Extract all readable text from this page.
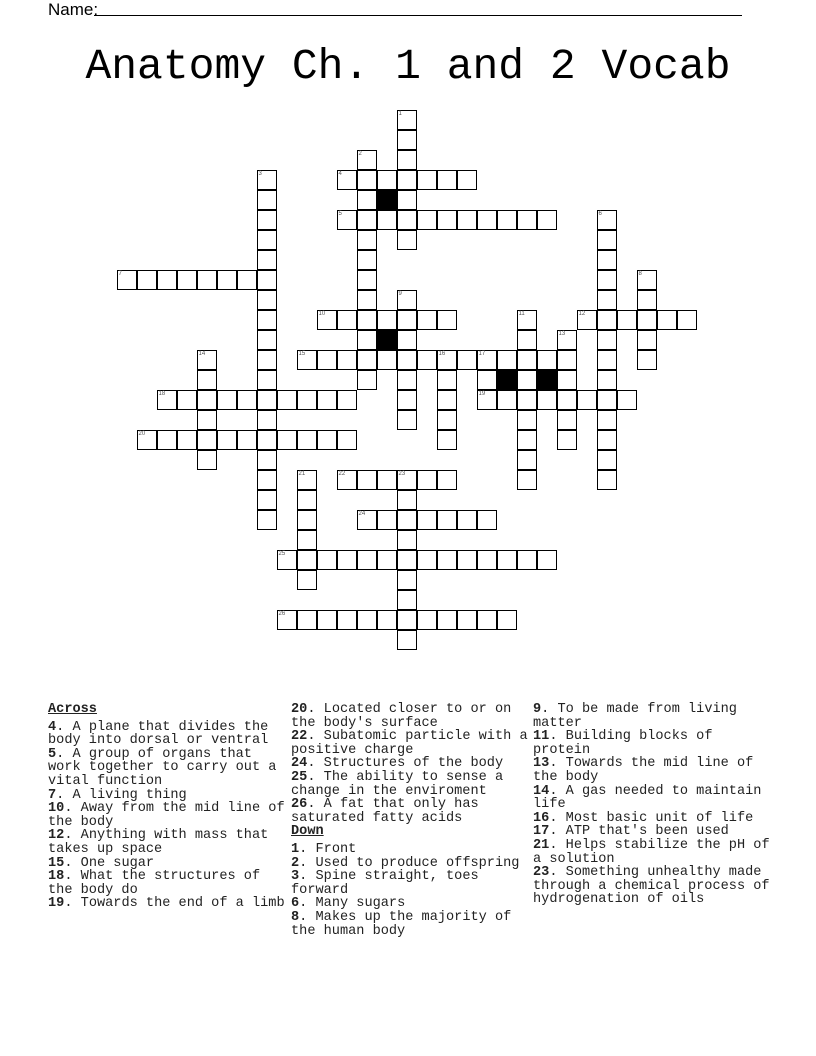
Name:
Anatomy Ch. 1 and 2 Vocab
1
2
3	4
5	6
7	8
9
10	11	12
13
14	15	16	17
19
18
20
21	22	23
24
25
26
Across
4. A plane that divides the body into dorsal or ventral
5. A group of organs that work together to carry out a vital function
7. A living thing
10. Away from the mid line of the body
12. Anything with mass that takes up space
15. One sugar
18. What the structures of the body do
19. Towards the end of a limb
20. Located closer to or on the body's surface
22. Subatomic particle with a positive charge
24. Structures of the body
25. The ability to sense a change in the enviroment
26. A fat that only has saturated fatty acids
Down
1. Front
2. Used to produce offspring
3. Spine straight, toes forward
6. Many sugars
8. Makes up the majority of the human body
9. To be made from living matter
11. Building blocks of protein
13. Towards the mid line of the body
14. A gas needed to maintain life
16. Most basic unit of life
17. ATP that's been used
21. Helps stabilize the pH of a solution
23. Something unhealthy made through a chemical process of hydrogenation of oils
